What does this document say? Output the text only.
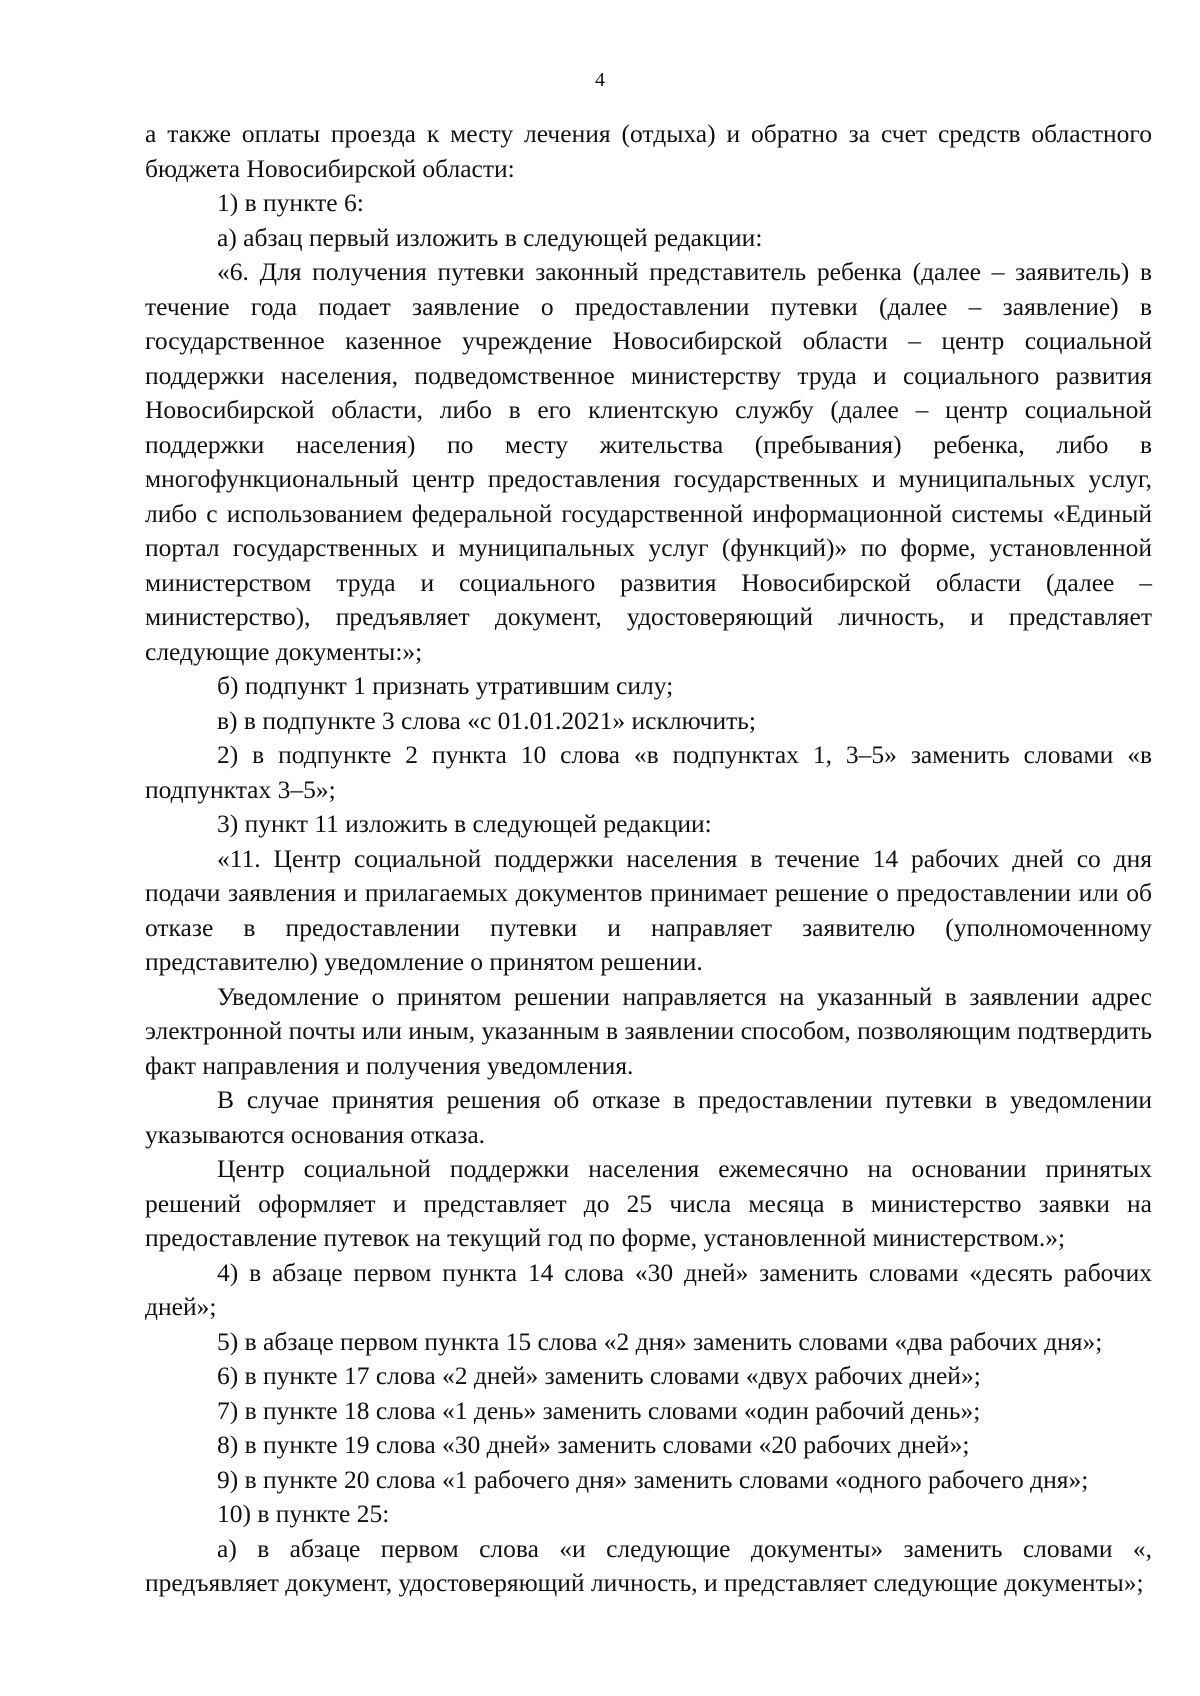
4

а также оплаты проезда к месту лечения (отдыха) и обратно за счет средств областного бюджета Новосибирской области:

1) в пункте 6:

а) абзац первый изложить в следующей редакции:

«6. Для получения путевки законный представитель ребенка (далее – заявитель) в течение года подает заявление о предоставлении путевки (далее – заявление) в государственное казенное учреждение Новосибирской области – центр социальной поддержки населения, подведомственное министерству труда и социального развития Новосибирской области, либо в его клиентскую службу (далее – центр социальной поддержки населения) по месту жительства (пребывания) ребенка, либо в многофункциональный центр предоставления государственных и муниципальных услуг, либо с использованием федеральной государственной информационной системы «Единый портал государственных и муниципальных услуг (функций)» по форме, установленной министерством труда и социального развития Новосибирской области (далее – министерство), предъявляет документ, удостоверяющий личность, и представляет следующие документы:»;

б) подпункт 1 признать утратившим силу;

в) в подпункте 3 слова «с 01.01.2021» исключить;

2) в подпункте 2 пункта 10 слова «в подпунктах 1, 3–5» заменить словами «в подпунктах 3–5»;

3) пункт 11 изложить в следующей редакции:

«11. Центр социальной поддержки населения в течение 14 рабочих дней со дня подачи заявления и прилагаемых документов принимает решение о предоставлении или об отказе в предоставлении путевки и направляет заявителю (уполномоченному представителю) уведомление о принятом решении.

Уведомление о принятом решении направляется на указанный в заявлении адрес электронной почты или иным, указанным в заявлении способом, позволяющим подтвердить факт направления и получения уведомления.

В случае принятия решения об отказе в предоставлении путевки в уведомлении указываются основания отказа.

Центр социальной поддержки населения ежемесячно на основании принятых решений оформляет и представляет до 25 числа месяца в министерство заявки на предоставление путевок на текущий год по форме, установленной министерством.»;

4) в абзаце первом пункта 14 слова «30 дней» заменить словами «десять рабочих дней»;

5) в абзаце первом пункта 15 слова «2 дня» заменить словами «два рабочих дня»;

6) в пункте 17 слова «2 дней» заменить словами «двух рабочих дней»;

7) в пункте 18 слова «1 день» заменить словами «один рабочий день»;

8) в пункте 19 слова «30 дней» заменить словами «20 рабочих дней»;

9) в пункте 20 слова «1 рабочего дня» заменить словами «одного рабочего дня»;

10) в пункте 25:

а) в абзаце первом слова «и следующие документы» заменить словами «, предъявляет документ, удостоверяющий личность, и представляет следующие документы»;
